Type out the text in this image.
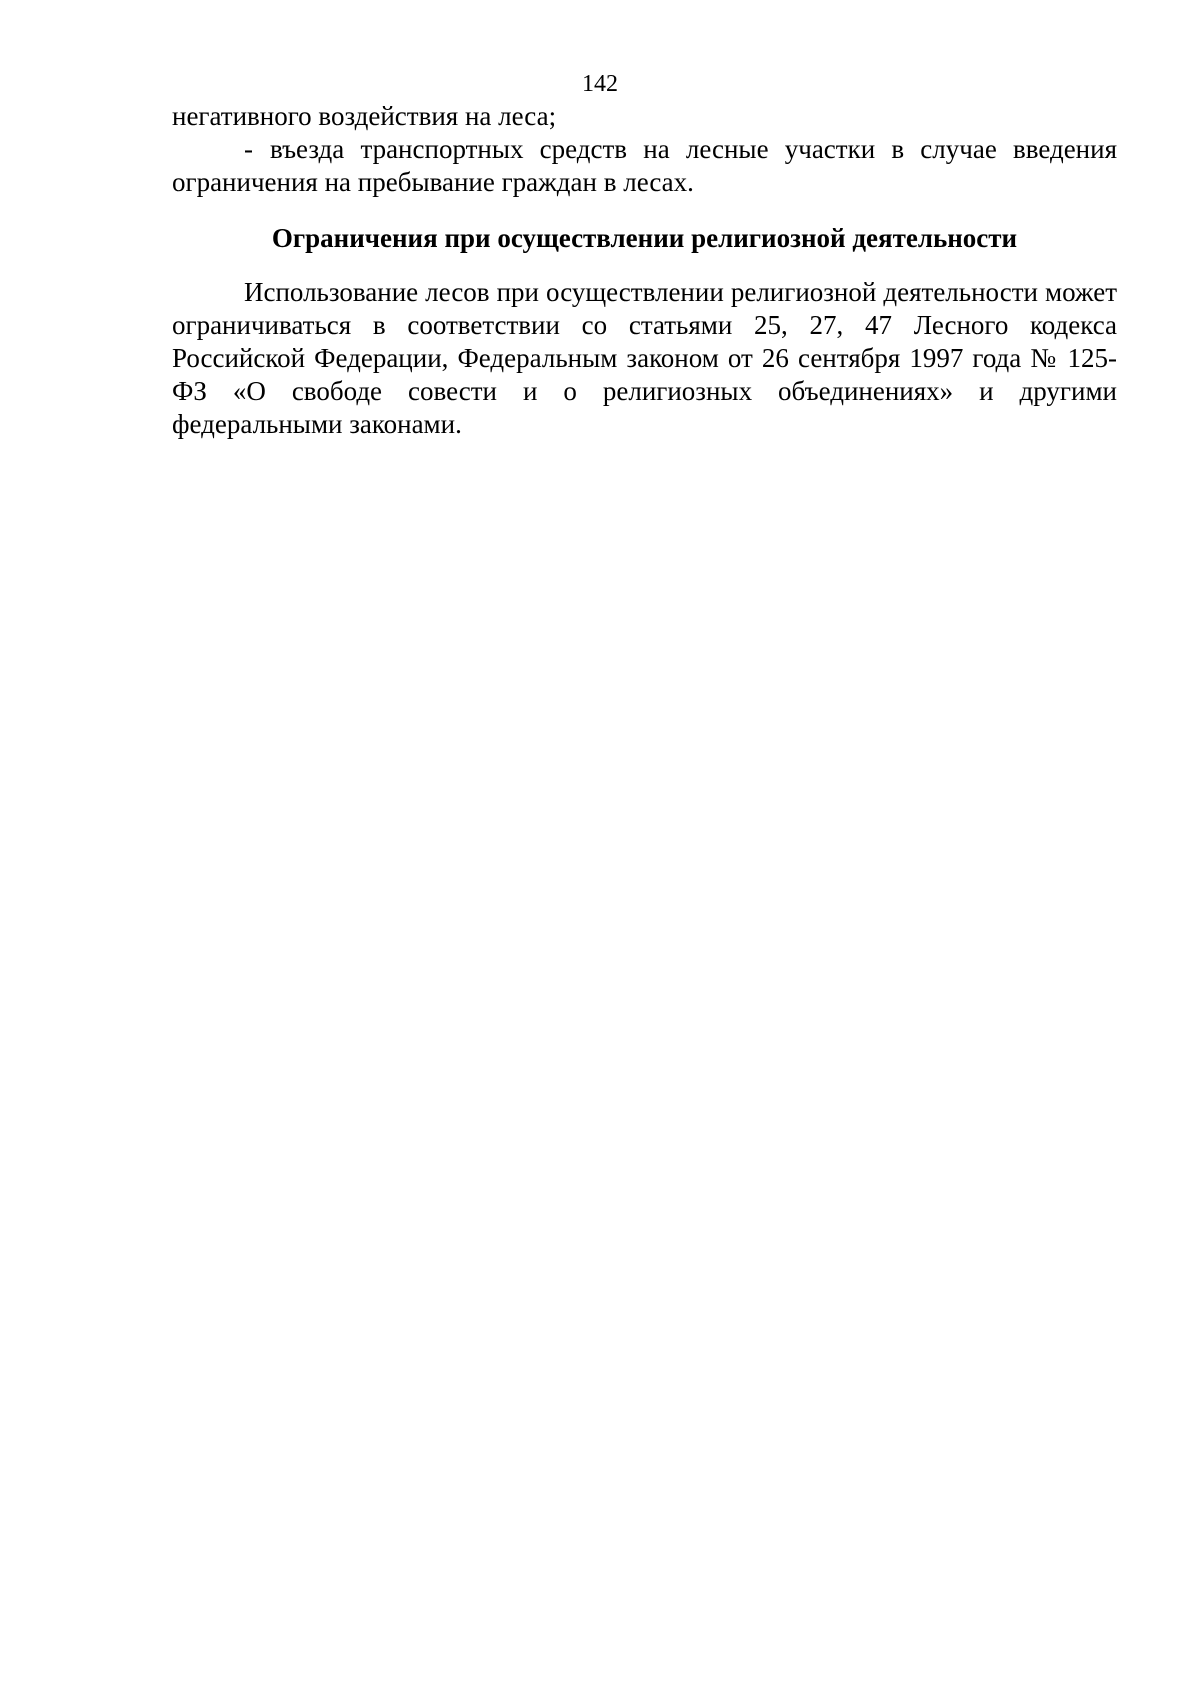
142

негативного воздействия на леса;

- въезда транспортных средств на лесные участки в случае введения ограничения на пребывание граждан в лесах.

Ограничения при осуществлении религиозной деятельности

Использование лесов при осуществлении религиозной деятельности может ограничиваться в соответствии со статьями 25, 27, 47 Лесного кодекса Российской Федерации, Федеральным законом от 26 сентября 1997 года № 125-ФЗ «О свободе совести и о религиозных объединениях» и другими федеральными законами.
